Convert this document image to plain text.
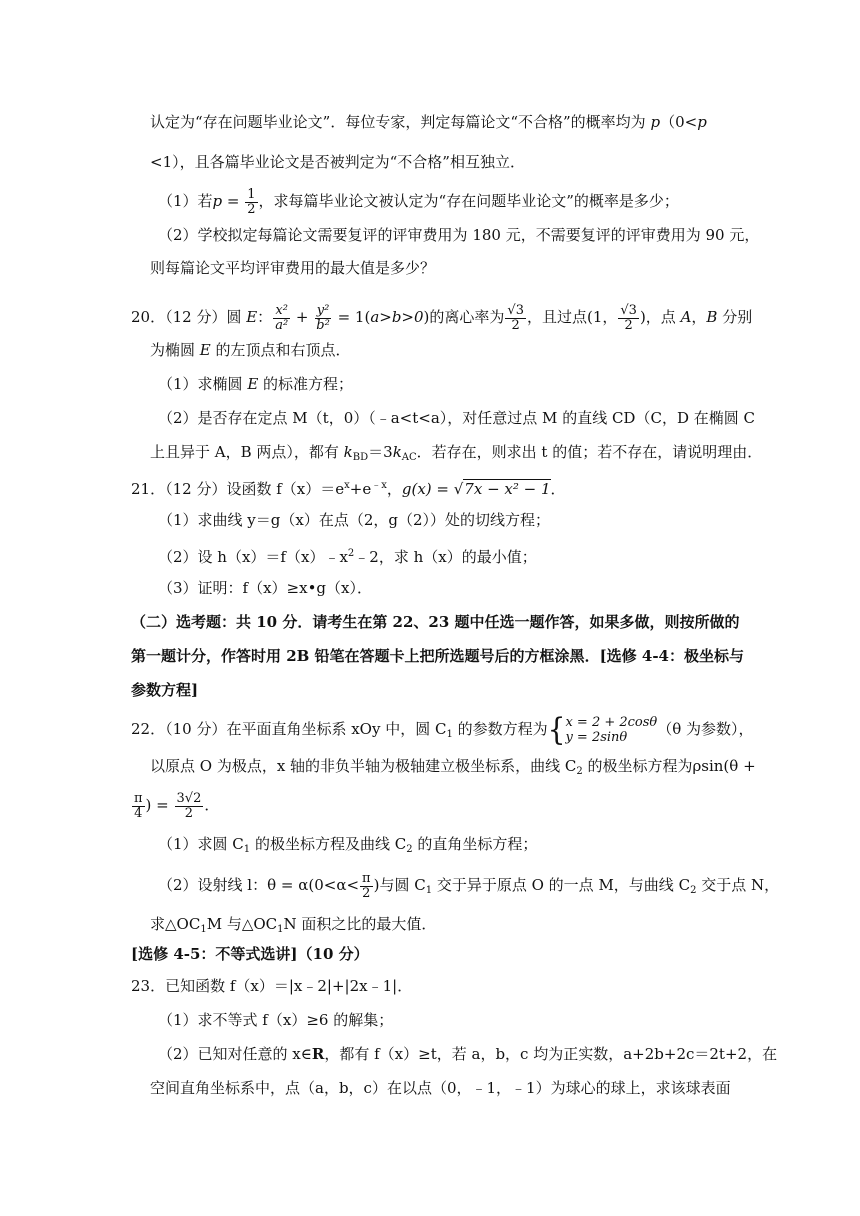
认定为“存在问题毕业论文”．每位专家，判定每篇论文“不合格”的概率均为 p（0<p
<1），且各篇毕业论文是否被判定为“不合格”相互独立．
（1）若$p = \frac{1}{2}$ ，求每篇毕业论文被认定为“存在问题毕业论文”的概率是多少；
（2）学校拟定每篇论文需要复评的评审费用为 180 元，不需要复评的评审费用为 90 元，
则每篇论文平均评审费用的最大值是多少？
20．（12 分）圆 E： $\frac{\text{x²}}{\text{a²}} + \frac{\text{y²}}{\text{b²}} = 1(a>b>0)$的离心率为 $\frac{√3}{2}$ ，且过点(1， $\frac{√3}{2}$ )，点 A，B 分别
为椭圆 E 的左顶点和右顶点．
（1）求椭圆 E 的标准方程；
（2）是否存在定点 M（t，0）（﹣a<t<a），对任意过点 M 的直线 CD（C，D 在椭圆 C
上且异于 A，B 两点），都有 $k_{BD}=3k_{AC}$．若存在，则求出 t 的值；若不存在，请说明理由．
21．（12 分）设函数 $f(x)=e^x+e^{﹣x}$，g(x) = √7x − x² − 1．
（1）求曲线 y＝g（x）在点（2，g（2））处的切线方程；
（2）设 $h(x)=f(x)﹣x^2﹣2$，求 h（x）的最小值；
（3）证明：f（x）≥x•g（x）．
（二）选考题：共 10 分．请考生在第 22、23 题中任选一题作答，如果多做，则按所做的
第一题计分，作答时用 2B 铅笔在答题卡上把所选题号后的方框涂黑．[选修 4-4：极坐标与
参数方程]
22．（10 分）在平面直角坐标系 xOy 中，圆 $C_1$ 的参数方程为 { x = 2 + 2cosθ
y = 2sinθ	（θ 为参数），
以原点 O 为极点，x 轴的非负半轴为极轴建立极坐标系，曲线 $C_2$ 的极坐标方程为ρsin(θ +
$\frac{\pi}{4}$ ) = $\frac{3√2}{2}$ ．
（1）求圆 $C_1$ 的极坐标方程及曲线 $C_2$ 的直角坐标方程；
（2）设射线 l：$\theta = \alpha(0<\alpha< \frac{\pi}{2}$ )与圆 $C_1$ 交于异于原点 O 的一点 M，与曲线 $C_2$ 交于点 N，
求$\triangle OC_1M$ 与$\triangle OC_1N$ 面积之比的最大值．
[选修 4-5：不等式选讲]（10 分）
23．已知函数 f（x）＝|x﹣2|+|2x﹣1|．
（1）求不等式 f（x）≥6 的解集；
（2）已知对任意的 x∈R，都有 f（x）≥t，若 a，b，c 均为正实数，a+2b+2c＝2t+2，在
空间直角坐标系中，点（a，b，c）在以点（0，﹣1，﹣1）为球心的球上，求该球表面
